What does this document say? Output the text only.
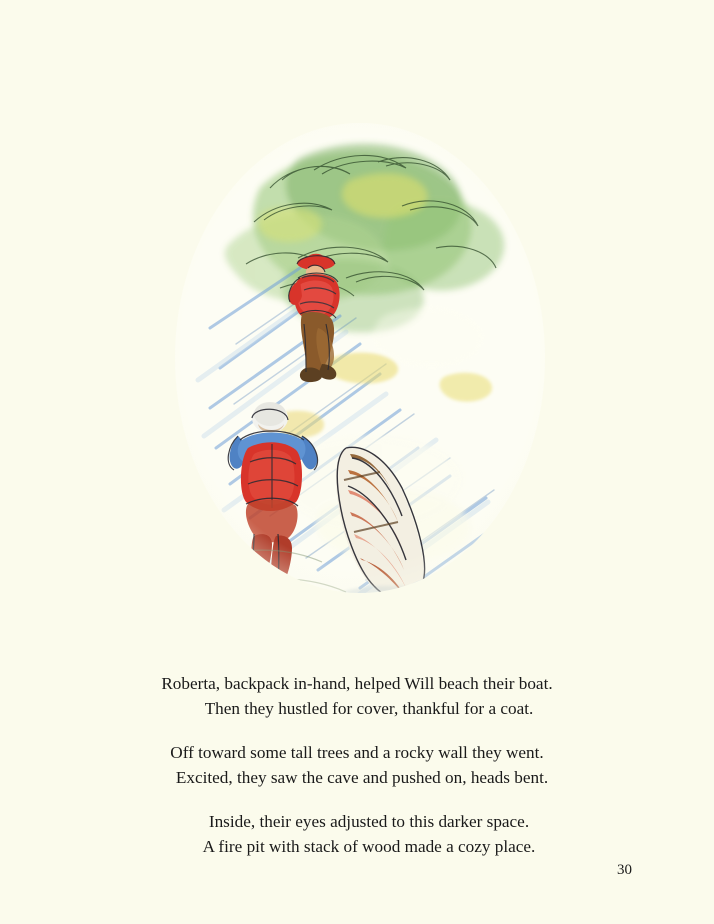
Roberta, backpack in-hand, helped Will beach their boat.
Then they hustled for cover, thankful for a coat.

Off toward some tall trees and a rocky wall they went.
Excited, they saw the cave and pushed on, heads bent.

Inside, their eyes adjusted to this darker space.
A fire pit with stack of wood made a cozy place.

30
